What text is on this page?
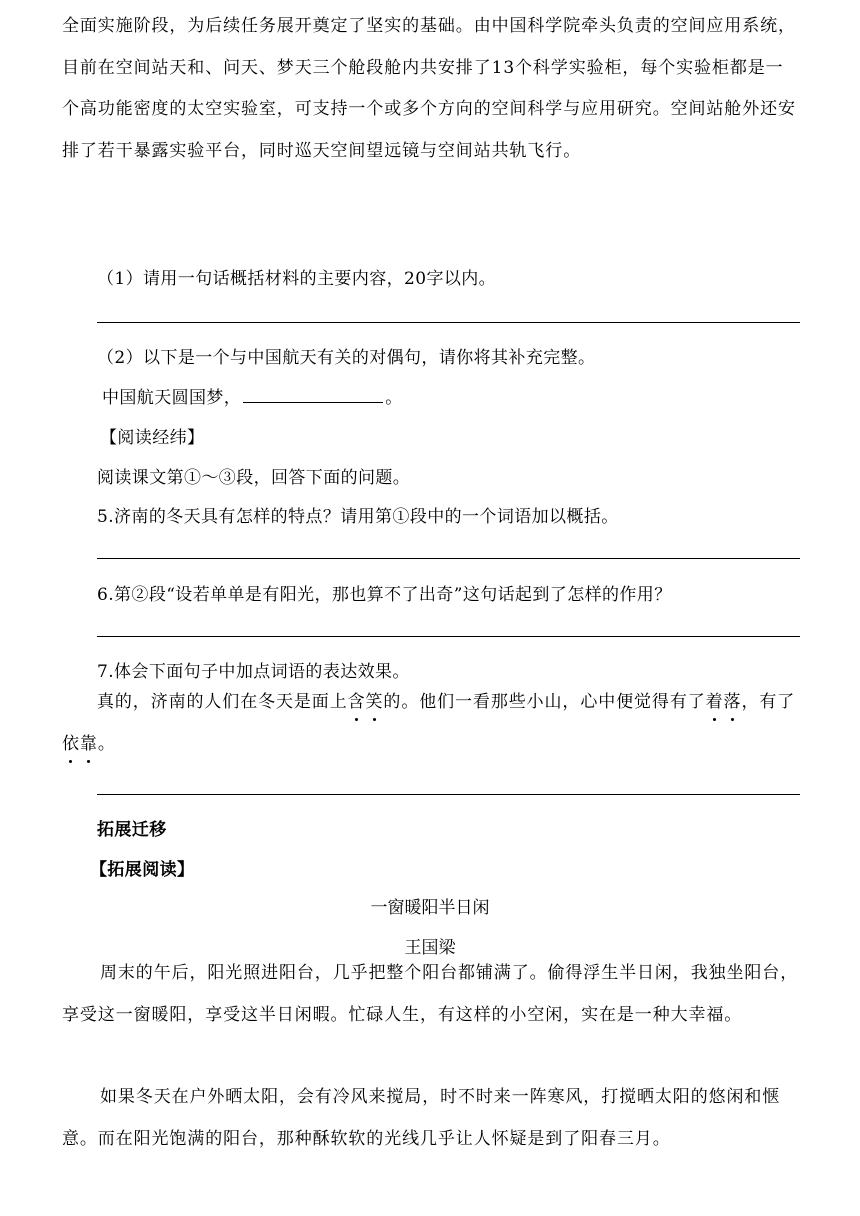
全面实施阶段，为后续任务展开奠定了坚实的基础。由中国科学院牵头负责的空间应用系统，目前在空间站天和、问天、梦天三个舱段舱内共安排了13个科学实验柜，每个实验柜都是一个高功能密度的太空实验室，可支持一个或多个方向的空间科学与应用研究。空间站舱外还安排了若干暴露实验平台，同时巡天空间望远镜与空间站共轨飞行。
（1）请用一句话概括材料的主要内容，20字以内。
（2）以下是一个与中国航天有关的对偶句，请你将其补充完整。
中国航天圆国梦，	。
【阅读经纬】
阅读课文第①～③段，回答下面的问题。
5.济南的冬天具有怎样的特点？请用第①段中的一个词语加以概括。
6.第②段“设若单单是有阳光，那也算不了出奇”这句话起到了怎样的作用？
7.体会下面句子中加点词语的表达效果。
真的，济南的人们在冬天是面上含笑的。他们一看那些小山，心中便觉得有了着落，有了依靠。
拓展迁移
【拓展阅读】
一窗暖阳半日闲
王国梁
周末的午后，阳光照进阳台，几乎把整个阳台都铺满了。偷得浮生半日闲，我独坐阳台，享受这一窗暖阳，享受这半日闲暇。忙碌人生，有这样的小空闲，实在是一种大幸福。
如果冬天在户外晒太阳，会有冷风来搅局，时不时来一阵寒风，打搅晒太阳的悠闲和惬意。而在阳光饱满的阳台，那种酥软软的光线几乎让人怀疑是到了阳春三月。
